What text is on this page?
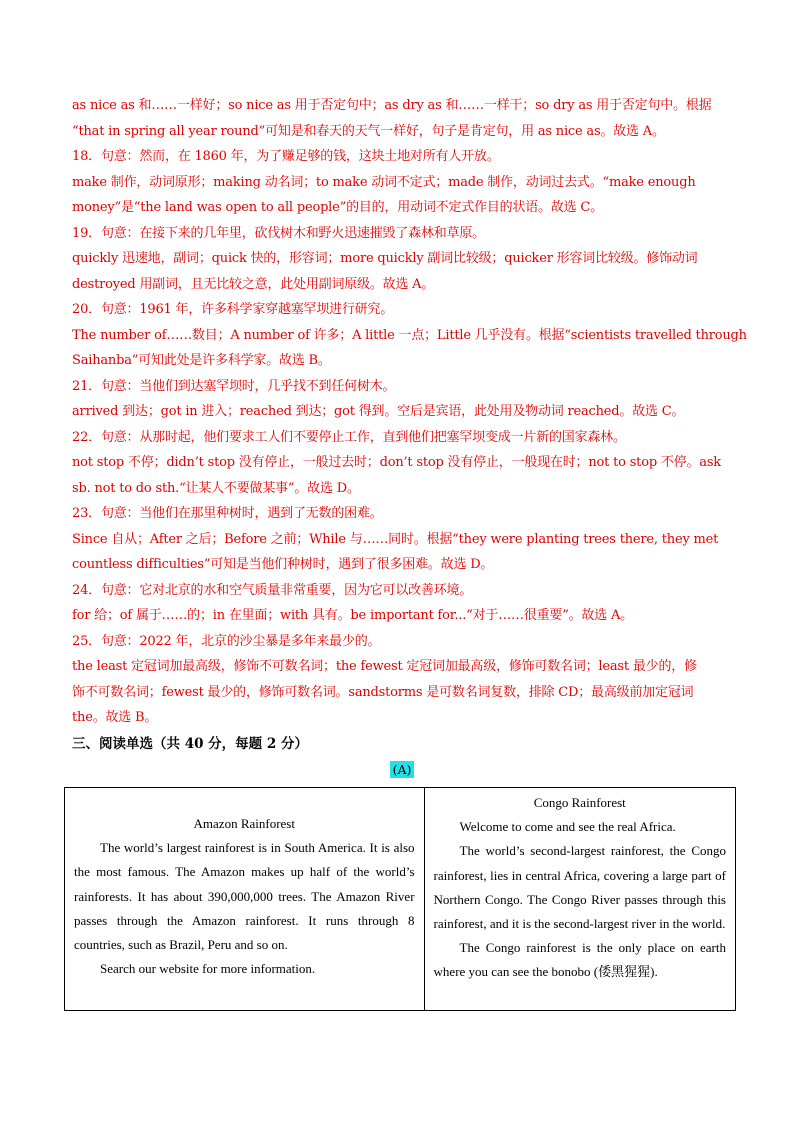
as nice as 和……一样好；so nice as 用于否定句中；as dry as 和……一样干；so dry as 用于否定句中。根据
“that in spring all year round”可知是和春天的天气一样好，句子是肯定句，用 as nice as。故选 A。
18．句意：然而，在 1860 年，为了赚足够的钱，这块土地对所有人开放。
make 制作，动词原形；making 动名词；to make 动词不定式；made 制作，动词过去式。“make enough
money”是“the land was open to all people”的目的，用动词不定式作目的状语。故选 C。
19．句意：在接下来的几年里，砍伐树木和野火迅速摧毁了森林和草原。
quickly 迅速地，副词；quick 快的，形容词；more quickly 副词比较级；quicker 形容词比较级。修饰动词
destroyed 用副词，且无比较之意，此处用副词原级。故选 A。
20．句意：1961 年，许多科学家穿越塞罕坝进行研究。
The number of……数目；A number of 许多；A little 一点；Little 几乎没有。根据“scientists travelled through
Saihanba”可知此处是许多科学家。故选 B。
21．句意：当他们到达塞罕坝时，几乎找不到任何树木。
arrived 到达；got in 进入；reached 到达；got 得到。空后是宾语，此处用及物动词 reached。故选 C。
22．句意：从那时起，他们要求工人们不要停止工作，直到他们把塞罕坝变成一片新的国家森林。
not stop 不停；didn’t stop 没有停止，一般过去时；don’t stop 没有停止，一般现在时；not to stop 不停。ask
sb. not to do sth.“让某人不要做某事”。故选 D。
23．句意：当他们在那里种树时，遇到了无数的困难。
Since 自从；After 之后；Before 之前；While 与……同时。根据“they were planting trees there, they met
countless difficulties”可知是当他们种树时，遇到了很多困难。故选 D。
24．句意：它对北京的水和空气质量非常重要，因为它可以改善环境。
for 给；of 属于……的；in 在里面；with 具有。be important for...“对于……很重要”。故选 A。
25．句意：2022 年，北京的沙尘暴是多年来最少的。
the least 定冠词加最高级，修饰不可数名词；the fewest 定冠词加最高级，修饰可数名词；least 最少的，修
饰不可数名词；fewest 最少的，修饰可数名词。sandstorms 是可数名词复数，排除 CD；最高级前加定冠词
the。故选 B。
三、阅读单选（共 40 分，每题 2 分）
(A)
Amazon Rainforest
The world’s largest rainforest is in South America. It is also the most famous. The Amazon makes up half of the world’s rainforests. It has about 390,000,000 trees. The Amazon River passes through the Amazon rainforest. It runs through 8 countries, such as Brazil, Peru and so on.
Search our website for more information.

Congo Rainforest
Welcome to come and see the real Africa.
The world’s second-largest rainforest, the Congo rainforest, lies in central Africa, covering a large part of Northern Congo. The Congo River passes through this rainforest, and it is the second-largest river in the world.
The Congo rainforest is the only place on earth where you can see the bonobo (倭黑猩猩).
